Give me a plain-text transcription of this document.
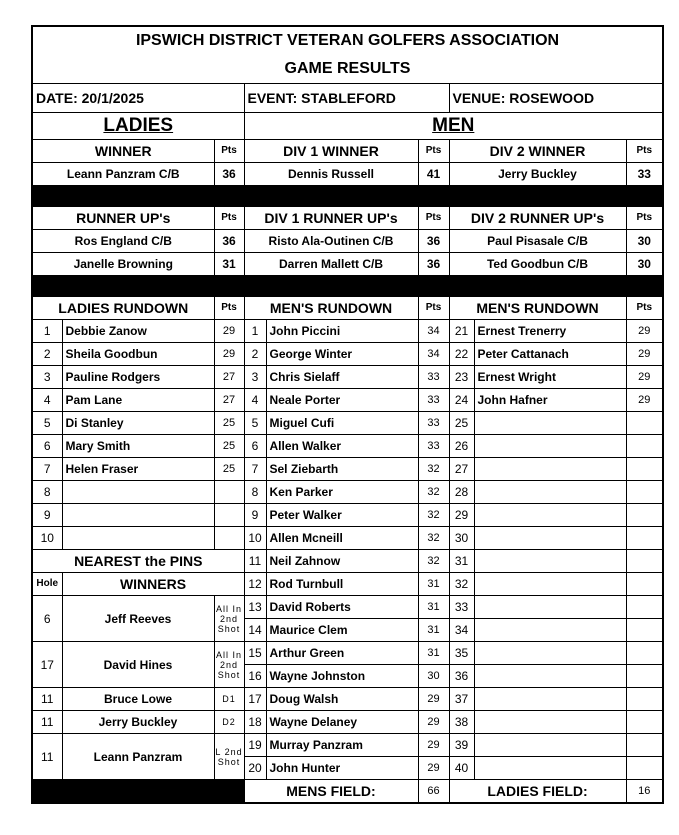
IPSWICH DISTRICT VETERAN GOLFERS ASSOCIATION								
GAME RESULTS								
DATE: 20/1/2025			EVENT: STABLEFORD			VENUE: ROSEWOOD		
LADIES			MEN					
WINNER		Pts	DIV 1 WINNER		Pts	DIV 2 WINNER		Pts
Leann Panzram C/B		36	Dennis Russell		41	Jerry Buckley		33

RUNNER UP's		Pts	DIV 1 RUNNER UP's		Pts	DIV 2 RUNNER UP's		Pts
Ros England C/B		36	Risto Ala-Outinen C/B		36	Paul Pisasale C/B		30
Janelle Browning		31	Darren Mallett C/B		36	Ted Goodbun C/B		30

LADIES RUNDOWN		Pts	MEN'S RUNDOWN		Pts	MEN'S RUNDOWN		Pts
1	Debbie Zanow	29	1	John Piccini	34	21	Ernest Trenerry	29
2	Sheila Goodbun	29	2	George Winter	34	22	Peter Cattanach	29
3	Pauline Rodgers	27	3	Chris Sielaff	33	23	Ernest Wright	29
4	Pam Lane	27	4	Neale Porter	33	24	John Hafner	29
5	Di Stanley	25	5	Miguel Cufi	33	25		
6	Mary Smith	25	6	Allen Walker	33	26		
7	Helen Fraser	25	7	Sel Ziebarth	32	27		
8			8	Ken Parker	32	28		
9			9	Peter Walker	32	29		
10			10	Allen Mcneill	32	30		
NEAREST the PINS			11	Neil Zahnow	32	31		
Hole	WINNERS		12	Rod Turnbull	31	32		
6	Jeff Reeves	All In 2nd Shot	13	David Roberts	31	33		
			14	Maurice Clem	31	34		
17	David Hines	All In 2nd Shot	15	Arthur Green	31	35		
			16	Wayne Johnston	30	36		
11	Bruce Lowe	D1	17	Doug Walsh	29	37		
11	Jerry Buckley	D2	18	Wayne Delaney	29	38		
11	Leann Panzram	L 2nd Shot	19	Murray Panzram	29	39		
			20	John Hunter	29	40		
			MENS FIELD:		66	LADIES FIELD:		16
